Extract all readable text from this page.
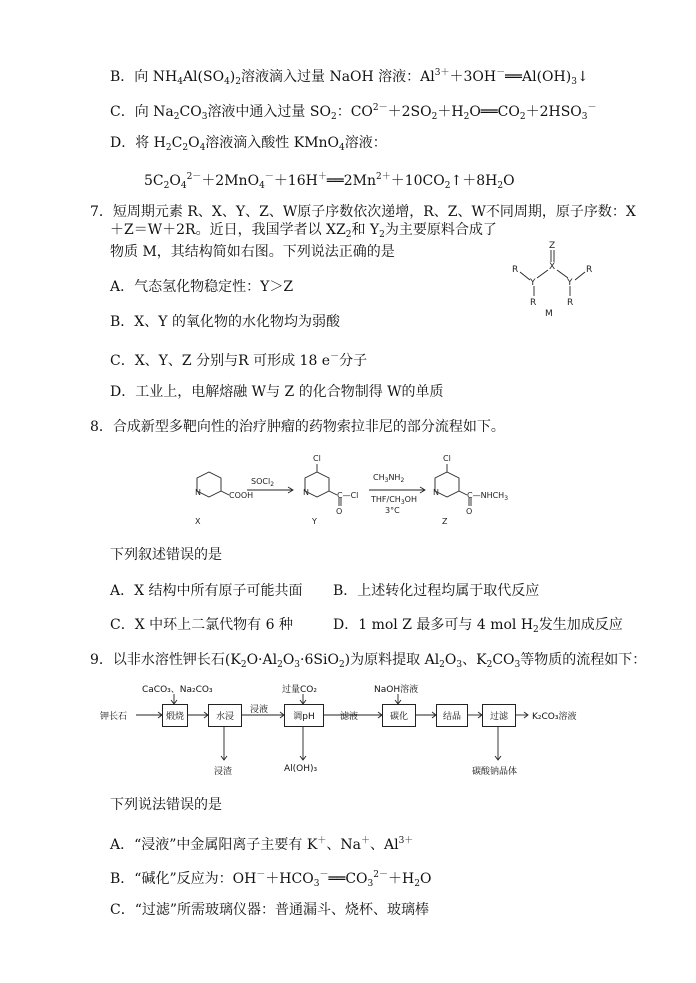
B．向 $NH_4Al(SO_4)_2$溶液滴入过量 NaOH 溶液：$Al^{3+}+3OH^-══Al(OH)_3↓$
C．向 $Na_2CO_3$溶液中通入过量 $SO_2$：$CO^{2-}+2SO_2+H_2O══CO_2+2HSO_3^-$
D．将 $H_2C_2O_4$溶液滴入酸性 KMnO$_4$溶液：
$5C_2O_4^{2-}+2MnO_4^-+16H^+══2Mn^{2+}+10CO_2↑+8H_2O$
7．短周期元素 R、X、Y、Z、W原子序数依次递增，R、Z、W不同周期，原子序数：X
＋Z＝W＋2R。近日，我国学者以 $XZ_2$和 $Y_2$为主要原料合成了
物质 M，其结构简如右图。下列说法正确的是
A．气态氢化物稳定性：Y＞Z
B．X、Y 的氧化物的水化物均为弱酸
C．X、Y、Z 分别与R 可形成 18 e－分子
D．工业上，电解熔融 W与 Z 的化合物制得 W的单质
Z
X
Y	Y
R	R
R	R
M
8．合成新型多靶向性的治疗肿瘤的药物索拉非尼的部分流程如下。
COOH
N
SOCl$_2$
Cl
N	C—Cl
O
$CH_3NH_2$
THF/$CH_3OH$
3°C
Cl
N	$C—NHCH_3$
O
X	Y	Z
下列叙述错误的是
A．X 结构中所有原子可能共面 B．上述转化过程均属于取代反应
C．X 中环上二氯代物有 6 种	D．1 mol Z 最多可与 4 mol $H_2$发生加成反应
9．以非水溶性钾长石$(K_2O\cdot Al_2O_3\cdot 6SiO_2)$为原料提取 $Al_2O_3$、$K_2CO_3$等物质的流程如下：
钾长石
CaCO₃、Na₂CO₃	过量CO₂	NaOH溶液
煅烧	水浸	调pH	碳化	结晶	过滤
浸液
滤液
浸渣	Al(OH)₃	碳酸钠晶体
K₂CO₃溶液
下列说法错误的是
A．“浸液”中金属阳离子主要有 K＋、Na＋、$Al^{3+}$
B．“碱化”反应为：$OH^-+HCO_3^-══CO_3^{2-}+H_2O$
C．“过滤”所需玻璃仪器：普通漏斗、烧杯、玻璃棒
